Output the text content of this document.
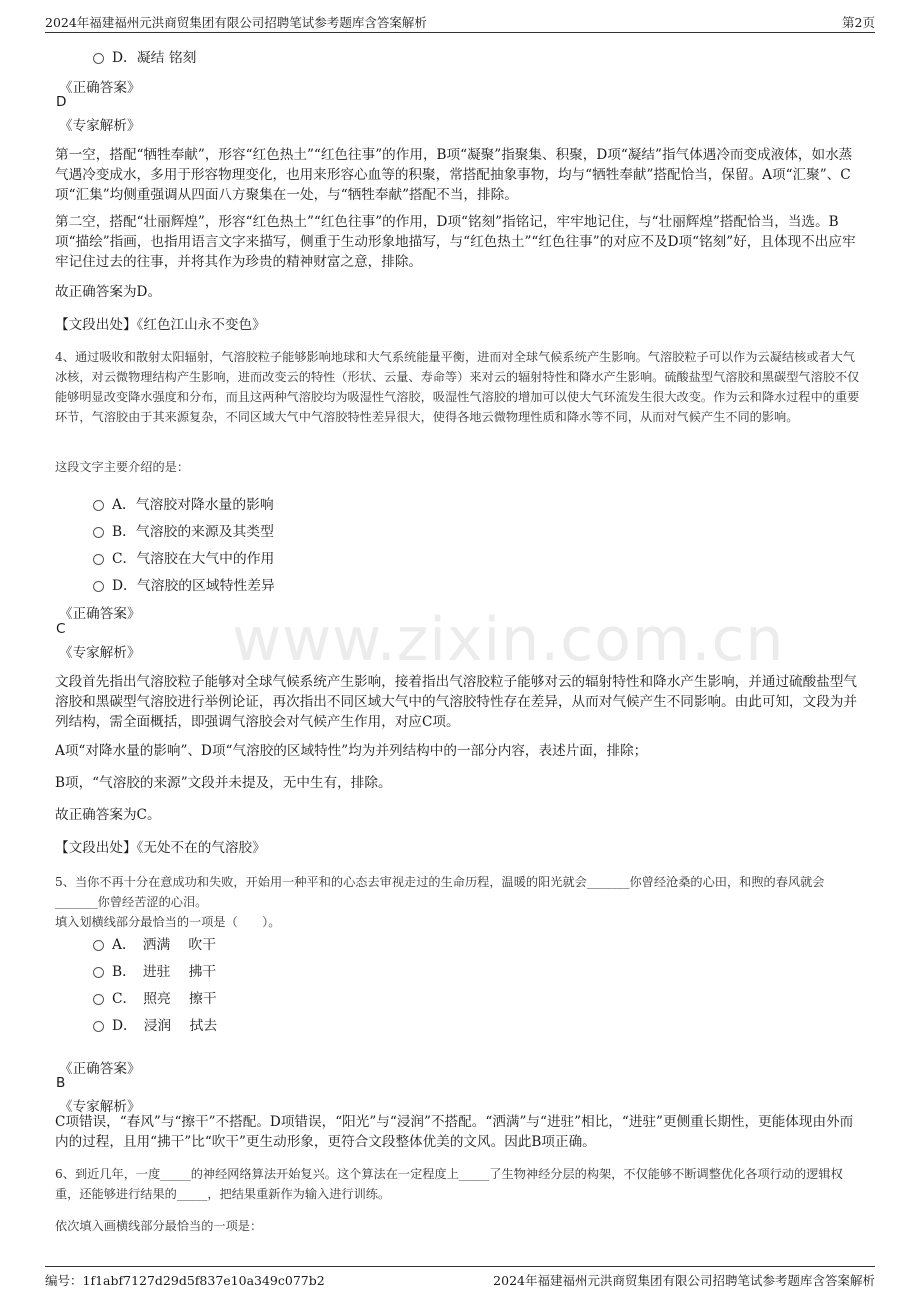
2024年福建福州元洪商贸集团有限公司招聘笔试参考题库含答案解析	第2页
www.zixin.com.cn
D．凝结 铭刻
《正确答案》
D
《专家解析》

第一空，搭配“牺牲奉献”，形容“红色热土”“红色往事”的作用，B项“凝聚”指聚集、积聚，D项“凝结”指气体遇冷而变成液体，如水蒸气遇冷变成水，多用于形容物理变化，也用来形容心血等的积聚，常搭配抽象事物，均与“牺牲奉献”搭配恰当，保留。A项“汇聚”、C项“汇集”均侧重强调从四面八方聚集在一处，与“牺牲奉献”搭配不当，排除。

第二空，搭配“壮丽辉煌”，形容“红色热土”“红色往事”的作用，D项“铭刻”指铭记，牢牢地记住，与“壮丽辉煌”搭配恰当，当选。B项“描绘”指画，也指用语言文字来描写，侧重于生动形象地描写，与“红色热土”“红色往事”的对应不及D项“铭刻”好，且体现不出应牢牢记住过去的往事，并将其作为珍贵的精神财富之意，排除。

故正确答案为D。

【文段出处】《红色江山永不变色》

4、通过吸收和散射太阳辐射，气溶胶粒子能够影响地球和大气系统能量平衡，进而对全球气候系统产生影响。气溶胶粒子可以作为云凝结核或者大气冰核，对云微物理结构产生影响，进而改变云的特性（形状、云量、寿命等）来对云的辐射特性和降水产生影响。硫酸盐型气溶胶和黑碳型气溶胶不仅能够明显改变降水强度和分布，而且这两种气溶胶均为吸湿性气溶胶，吸湿性气溶胶的增加可以使大气环流发生很大改变。作为云和降水过程中的重要环节，气溶胶由于其来源复杂，不同区域大气中气溶胶特性差异很大，使得各地云微物理性质和降水等不同，从而对气候产生不同的影响。

这段文字主要介绍的是：

A．气溶胶对降水量的影响
B．气溶胶的来源及其类型
C．气溶胶在大气中的作用
D．气溶胶的区域特性差异
《正确答案》
C
《专家解析》

文段首先指出气溶胶粒子能够对全球气候系统产生影响，接着指出气溶胶粒子能够对云的辐射特性和降水产生影响，并通过硫酸盐型气溶胶和黑碳型气溶胶进行举例论证，再次指出不同区域大气中的气溶胶特性存在差异，从而对气候产生不同影响。由此可知，文段为并列结构，需全面概括，即强调气溶胶会对气候产生作用，对应C项。

A项“对降水量的影响”、D项“气溶胶的区域特性”均为并列结构中的一部分内容，表述片面，排除；

B项，“气溶胶的来源”文段并未提及，无中生有，排除。

故正确答案为C。

【文段出处】《无处不在的气溶胶》

5、当你不再十分在意成功和失败，开始用一种平和的心态去审视走过的生命历程，温暖的阳光就会_______你曾经沧桑的心田，和煦的春风就会_______你曾经苦涩的心泪。

填入划横线部分最恰当的一项是（　　）。

A．　洒满　 吹干
B．　进驻　 拂干
C．　照亮　 擦干
D．　浸润　 拭去
《正确答案》
B
《专家解析》

C项错误，“春风”与“擦干”不搭配。D项错误，“阳光”与“浸润”不搭配。“洒满”与“进驻”相比，“进驻”更侧重长期性，更能体现由外而内的过程，且用“拂干”比“吹干”更生动形象，更符合文段整体优美的文风。因此B项正确。

6、到近几年，一度_____的神经网络算法开始复兴。这个算法在一定程度上_____了生物神经分层的构架，不仅能够不断调整优化各项行动的逻辑权重，还能够进行结果的_____，把结果重新作为输入进行训练。

依次填入画横线部分最恰当的一项是：

编号：1f1abf7127d29d5f837e10a349c077b2	2024年福建福州元洪商贸集团有限公司招聘笔试参考题库含答案解析
